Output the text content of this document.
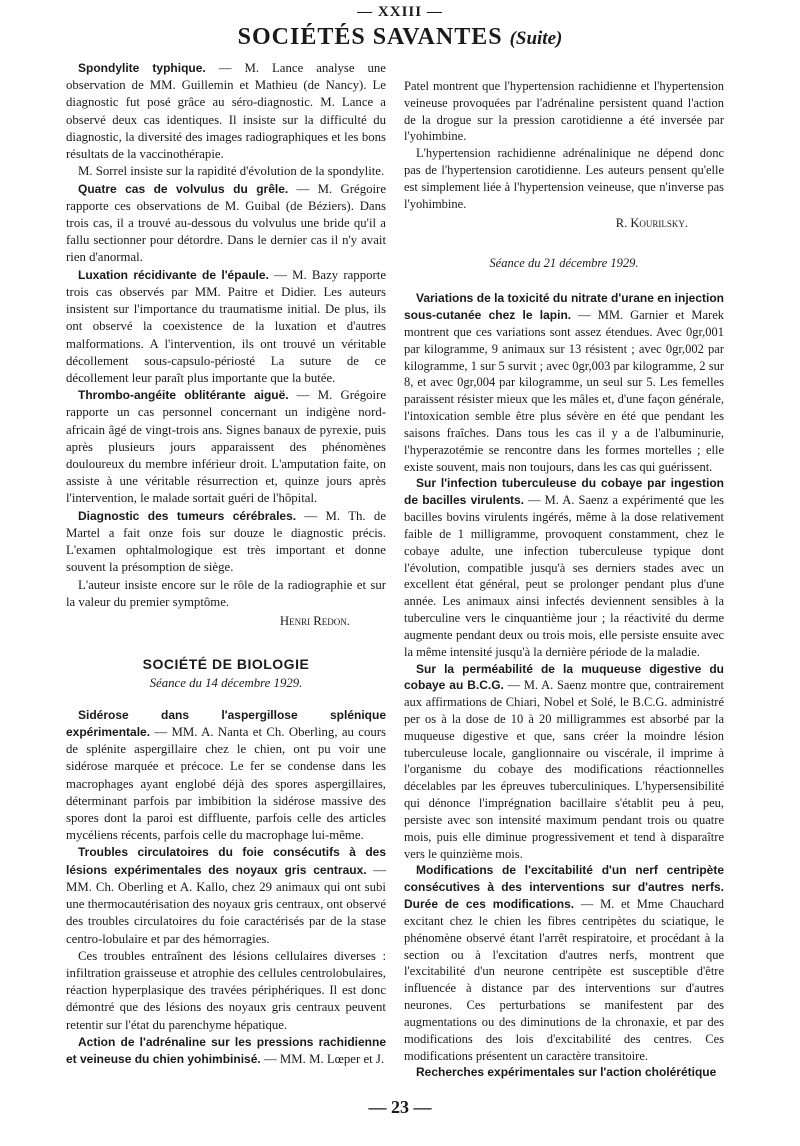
— XXIII —
SOCIÉTÉS SAVANTES (Suite)

Spondylite typhique. — M. Lance analyse une observation de MM. Guillemin et Mathieu (de Nancy). Le diagnostic fut posé grâce au séro-diagnostic. M. Lance a observé deux cas identiques. Il insiste sur la difficulté du diagnostic, la diversité des images radiographiques et les bons résultats de la vaccinothérapie.

M. Sorrel insiste sur la rapidité d'évolution de la spondylite.

Quatre cas de volvulus du grêle. — M. Grégoire rapporte ces observations de M. Guibal (de Béziers). Dans trois cas, il a trouvé au-dessous du volvulus une bride qu'il a fallu sectionner pour détordre. Dans le dernier cas il n'y avait rien d'anormal.

Luxation récidivante de l'épaule. — M. Bazy rapporte trois cas observés par MM. Paitre et Didier. Les auteurs insistent sur l'importance du traumatisme initial. De plus, ils ont observé la coexistence de la luxation et d'autres malformations. A l'intervention, ils ont trouvé un véritable décollement sous-capsulo-périosté La suture de ce décollement leur paraît plus importante que la butée.

Thrombo-angéite oblitérante aiguë. — M. Grégoire rapporte un cas personnel concernant un indigène nord-africain âgé de vingt-trois ans. Signes banaux de pyrexie, puis après plusieurs jours apparaissent des phénomènes douloureux du membre inférieur droit. L'amputation faite, on assiste à une véritable résurrection et, quinze jours après l'intervention, le malade sortait guéri de l'hôpital.

Diagnostic des tumeurs cérébrales. — M. Th. de Martel a fait onze fois sur douze le diagnostic précis. L'examen ophtalmologique est très important et donne souvent la présomption de siège.

L'auteur insiste encore sur le rôle de la radiographie et sur la valeur du premier symptôme.

Henri Redon.
SOCIÉTÉ DE BIOLOGIE
Séance du 14 décembre 1929.

Sidérose dans l'aspergillose splénique expérimentale. — MM. A. Nanta et Ch. Oberling, au cours de splénite aspergillaire chez le chien, ont pu voir une sidérose marquée et précoce. Le fer se condense dans les macrophages ayant englobé déjà des spores aspergillaires, déterminant parfois par imbibition la sidérose massive des spores dont la paroi est diffluente, parfois celle des articles mycéliens récents, parfois celle du macrophage lui-même.

Troubles circulatoires du foie consécutifs à des lésions expérimentales des noyaux gris centraux. — MM. Ch. Oberling et A. Kallo, chez 29 animaux qui ont subi une thermocautérisation des noyaux gris centraux, ont observé des troubles circulatoires du foie caractérisés par de la stase centro-lobulaire et par des hémorragies.

Ces troubles entraînent des lésions cellulaires diverses : infiltration graisseuse et atrophie des cellules centrolobulaires, réaction hyperplasique des travées périphériques. Il est donc démontré que des lésions des noyaux gris centraux peuvent retentir sur l'état du parenchyme hépatique.

Action de l'adrénaline sur les pressions rachidienne et veineuse du chien yohimbinisé. — MM. M. Lœper et J.

Patel montrent que l'hypertension rachidienne et l'hypertension veineuse provoquées par l'adrénaline persistent quand l'action de la drogue sur la pression carotidienne a été inversée par l'yohimbine.

L'hypertension rachidienne adrénalinique ne dépend donc pas de l'hypertension carotidienne. Les auteurs pensent qu'elle est simplement liée à l'hypertension veineuse, que n'inverse pas l'yohimbine.

R. Kourilsky.
Séance du 21 décembre 1929.

Variations de la toxicité du nitrate d'urane en injection sous-cutanée chez le lapin. — MM. Garnier et Marek montrent que ces variations sont assez étendues. Avec 0gr,001 par kilogramme, 9 animaux sur 13 résistent ; avec 0gr,002 par kilogramme, 1 sur 5 survit ; avec 0gr,003 par kilogramme, 2 sur 8, et avec 0gr,004 par kilogramme, un seul sur 5. Les femelles paraissent résister mieux que les mâles et, d'une façon générale, l'intoxication semble être plus sévère en été que pendant les saisons fraîches. Dans tous les cas il y a de l'albuminurie, l'hyperazotémie se rencontre dans les formes mortelles ; elle existe souvent, mais non toujours, dans les cas qui guérissent.

Sur l'infection tuberculeuse du cobaye par ingestion de bacilles virulents. — M. A. Saenz a expérimenté que les bacilles bovins virulents ingérés, même à la dose relativement faible de 1 milligramme, provoquent constamment, chez le cobaye adulte, une infection tuberculeuse typique dont l'évolution, compatible jusqu'à ses derniers stades avec un excellent état général, peut se prolonger pendant plus d'une année. Les animaux ainsi infectés deviennent sensibles à la tuberculine vers le cinquantième jour ; la réactivité du derme augmente pendant deux ou trois mois, elle persiste ensuite avec la même intensité jusqu'à la dernière période de la maladie.

Sur la perméabilité de la muqueuse digestive du cobaye au B.C.G. — M. A. Saenz montre que, contrairement aux affirmations de Chiari, Nobel et Solé, le B.C.G. administré per os à la dose de 10 à 20 milligrammes est absorbé par la muqueuse digestive et que, sans créer la moindre lésion tuberculeuse locale, ganglionnaire ou viscérale, il imprime à l'organisme du cobaye des modifications réactionnelles décelables par les épreuves tuberculiniques. L'hypersensibilité qui dénonce l'imprégnation bacillaire s'établit peu à peu, persiste avec son intensité maximum pendant trois ou quatre mois, puis elle diminue progressivement et tend à disparaître vers le quinzième mois.

Modifications de l'excitabilité d'un nerf centripète consécutives à des interventions sur d'autres nerfs. Durée de ces modifications. — M. et Mme Chauchard excitant chez le chien les fibres centripètes du sciatique, le phénomène observé étant l'arrêt respiratoire, et procédant à la section ou à l'excitation d'autres nerfs, montrent que l'excitabilité d'un neurone centripète est susceptible d'être influencée à distance par des interventions sur d'autres neurones. Ces perturbations se manifestent par des augmentations ou des diminutions de la chronaxie, et par des modifications des lois d'excitabilité des centres. Ces modifications présentent un caractère transitoire.

Recherches expérimentales sur l'action cholérétique

— 23 —
